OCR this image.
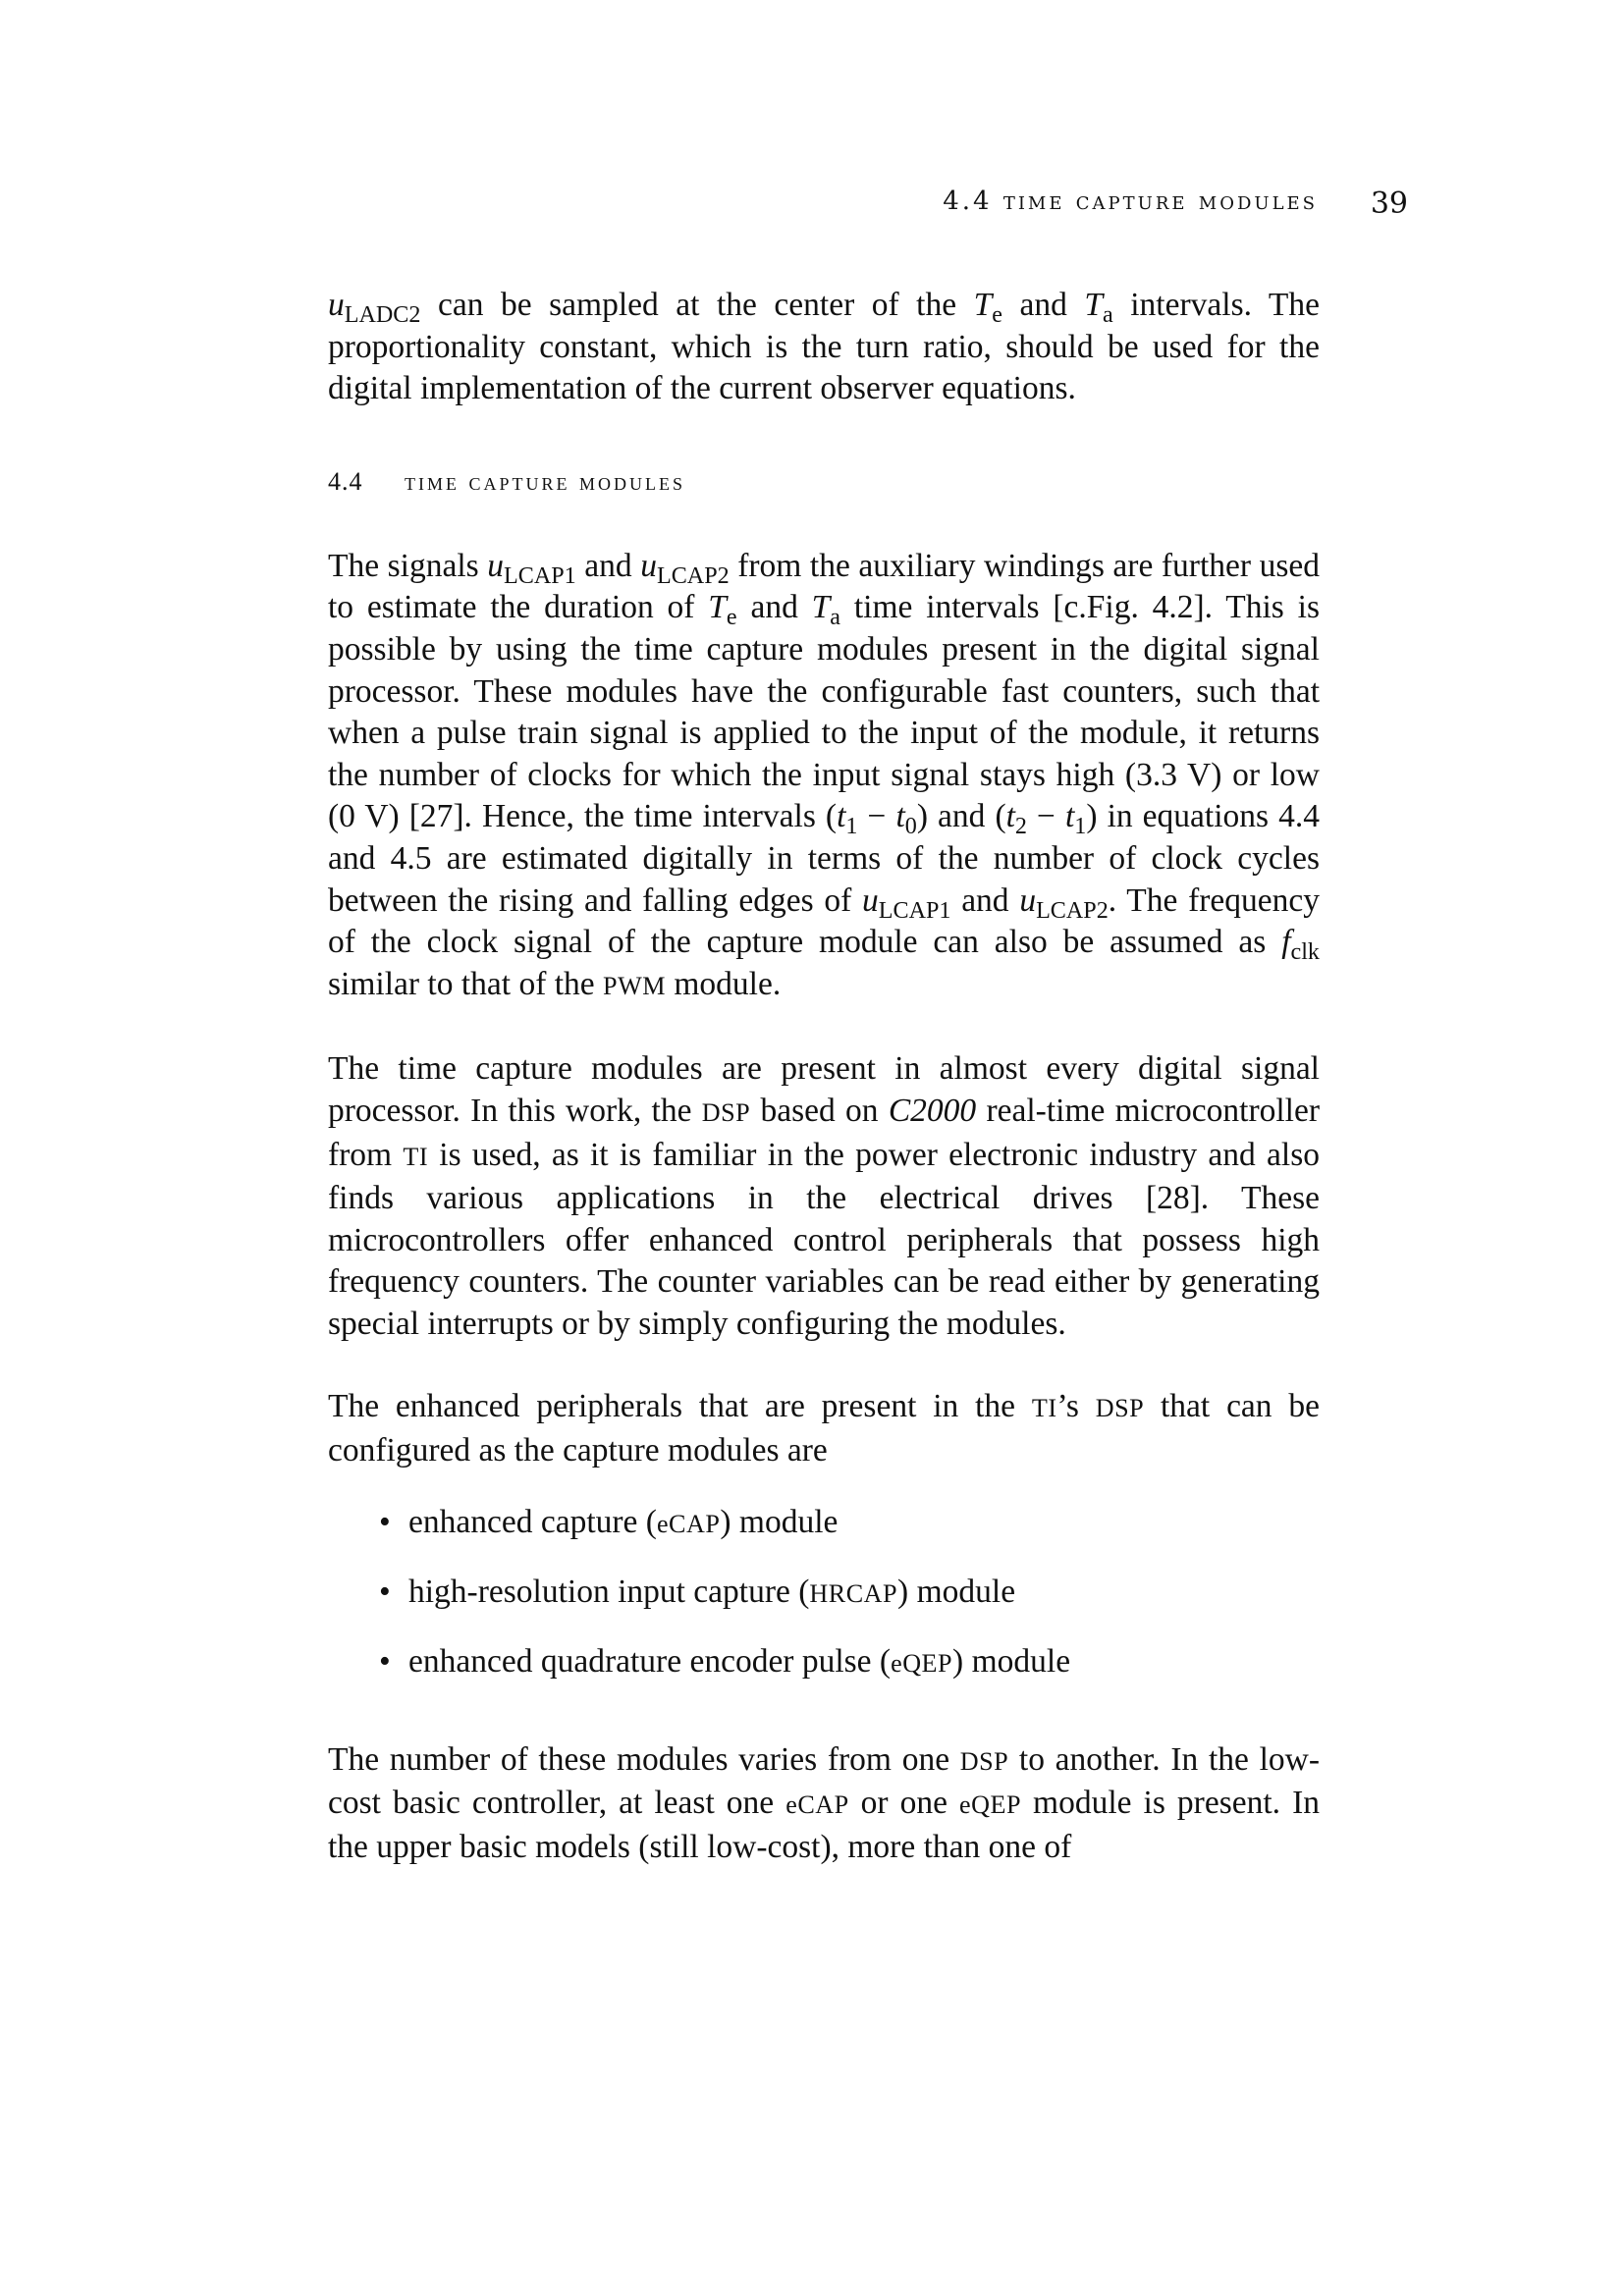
4.4 time capture modules 39

$u_{LADC2}$ can be sampled at the center of the $T_e$ and $T_a$ intervals. The proportionality constant, which is the turn ratio, should be used for the digital implementation of the current observer equations.

4.4 time capture modules

The signals $u_{LCAP1}$ and $u_{LCAP2}$ from the auxiliary windings are further used to estimate the duration of $T_e$ and $T_a$ time intervals [c.Fig. 4.2]. This is possible by using the time capture modules present in the digital signal processor. These modules have the configurable fast counters, such that when a pulse train signal is applied to the input of the module, it returns the number of clocks for which the input signal stays high (3.3 V) or low (0 V) [27]. Hence, the time intervals $(t_1 - t_0)$ and $(t_2 - t_1)$ in equations 4.4 and 4.5 are estimated digitally in terms of the number of clock cycles between the rising and falling edges of $u_{LCAP1}$ and $u_{LCAP2}$. The frequency of the clock signal of the capture module can also be assumed as $f_{clk}$ similar to that of the PWM module.

The time capture modules are present in almost every digital signal processor. In this work, the DSP based on C2000 real-time microcontroller from TI is used, as it is familiar in the power electronic industry and also finds various applications in the electrical drives [28]. These microcontrollers offer enhanced control peripherals that possess high frequency counters. The counter variables can be read either by generating special interrupts or by simply configuring the modules.

The enhanced peripherals that are present in the TI’s DSP that can be configured as the capture modules are

• enhanced capture (eCAP) module
• high-resolution input capture (HRCAP) module
• enhanced quadrature encoder pulse (eQEP) module

The number of these modules varies from one DSP to another. In the low-cost basic controller, at least one eCAP or one eQEP module is present. In the upper basic models (still low-cost), more than one of
